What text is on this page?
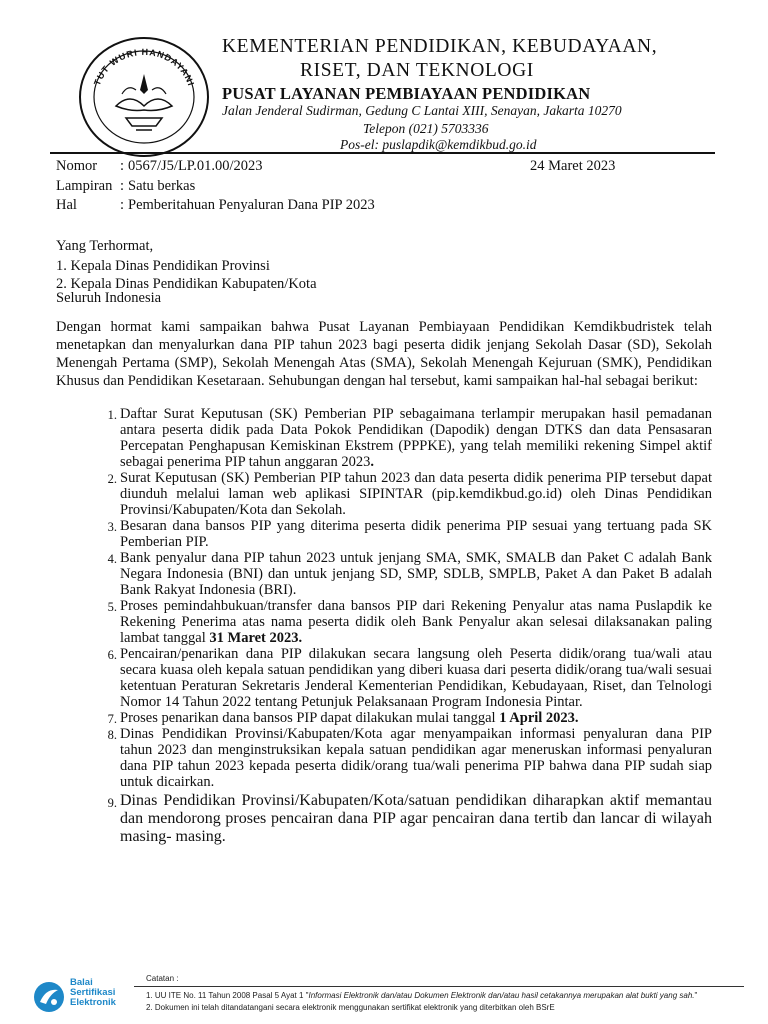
TUT WURI HANDAYANI
KEMENTERIAN PENDIDIKAN, KEBUDAYAAN,
RISET, DAN TEKNOLOGI
PUSAT LAYANAN PEMBIAYAAN PENDIDIKAN
Jalan Jenderal Sudirman, Gedung C Lantai XIII, Senayan, Jakarta 10270
Telepon (021) 5703336
Pos-el: puslapdik@kemdikbud.go.id
Nomor : 0567/J5/LP.01.00/2023	24 Maret 2023
Lampiran : Satu berkas
Hal	: Pemberitahuan Penyaluran Dana PIP 2023
Yang Terhormat,
1. Kepala Dinas Pendidikan Provinsi
2. Kepala Dinas Pendidikan Kabupaten/Kota
Seluruh Indonesia
Dengan hormat kami sampaikan bahwa Pusat Layanan Pembiayaan Pendidikan Kemdikbudristek telah menetapkan dan menyalurkan dana PIP tahun 2023 bagi peserta didik jenjang Sekolah Dasar (SD), Sekolah Menengah Pertama (SMP), Sekolah Menengah Atas (SMA), Sekolah Menengah Kejuruan (SMK), Pendidikan Khusus dan Pendidikan Kesetaraan. Sehubungan dengan hal tersebut, kami sampaikan hal-hal sebagai berikut:
1. Daftar Surat Keputusan (SK) Pemberian PIP sebagaimana terlampir merupakan hasil pemadanan antara peserta didik pada Data Pokok Pendidikan (Dapodik) dengan DTKS dan data Pensasaran Percepatan Penghapusan Kemiskinan Ekstrem (PPPKE), yang telah memiliki rekening Simpel aktif sebagai penerima PIP tahun anggaran 2023.
2. Surat Keputusan (SK) Pemberian PIP tahun 2023 dan data peserta didik penerima PIP tersebut dapat diunduh melalui laman web aplikasi SIPINTAR (pip.kemdikbud.go.id) oleh Dinas Pendidikan Provinsi/Kabupaten/Kota dan Sekolah.
3. Besaran dana bansos PIP yang diterima peserta didik penerima PIP sesuai yang tertuang pada SK Pemberian PIP.
4. Bank penyalur dana PIP tahun 2023 untuk jenjang SMA, SMK, SMALB dan Paket C adalah Bank Negara Indonesia (BNI) dan untuk jenjang SD, SMP, SDLB, SMPLB, Paket A dan Paket B adalah Bank Rakyat Indonesia (BRI).
5. Proses pemindahbukuan/transfer dana bansos PIP dari Rekening Penyalur atas nama Puslapdik ke Rekening Penerima atas nama peserta didik oleh Bank Penyalur akan selesai dilaksanakan paling lambat tanggal 31 Maret 2023.
6. Pencairan/penarikan dana PIP dilakukan secara langsung oleh Peserta didik/orang tua/wali atau secara kuasa oleh kepala satuan pendidikan yang diberi kuasa dari peserta didik/orang tua/wali sesuai ketentuan Peraturan Sekretaris Jenderal Kementerian Pendidikan, Kebudayaan, Riset, dan Telnologi Nomor 14 Tahun 2022 tentang Petunjuk Pelaksanaan Program Indonesia Pintar.
7. Proses penarikan dana bansos PIP dapat dilakukan mulai tanggal 1 April 2023.
8. Dinas Pendidikan Provinsi/Kabupaten/Kota agar menyampaikan informasi penyaluran dana PIP tahun 2023 dan menginstruksikan kepala satuan pendidikan agar meneruskan informasi penyaluran dana PIP tahun 2023 kepada peserta didik/orang tua/wali penerima PIP bahwa dana PIP sudah siap untuk dicairkan.
9. Dinas Pendidikan Provinsi/Kabupaten/Kota/satuan pendidikan diharapkan aktif memantau dan mendorong proses pencairan dana PIP agar pencairan dana tertib dan lancar di wilayah masing- masing.
Balai
Sertifikasi
Elektronik
Catatan :
1. UU ITE No. 11 Tahun 2008 Pasal 5 Ayat 1 "Informasi Elektronik dan/atau Dokumen Elektronik dan/atau hasil cetakannya merupakan alat bukti yang sah."
2. Dokumen ini telah ditandatangani secara elektronik menggunakan sertifikat elektronik yang diterbitkan oleh BSrE
